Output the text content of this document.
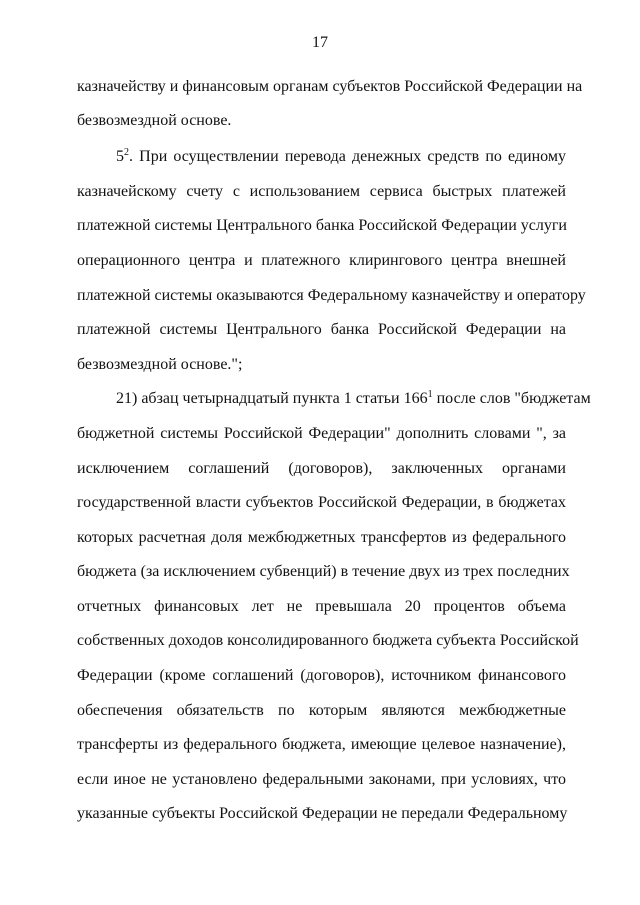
17
казначейству и финансовым органам субъектов Российской Федерации на
безвозмездной основе.
$5^2$. При осуществлении перевода денежных средств по единому
казначейскому счету с использованием сервиса быстрых платежей
платежной системы Центрального банка Российской Федерации услуги
операционного центра и платежного клирингового центра внешней
платежной системы оказываются Федеральному казначейству и оператору
платежной системы Центрального банка Российской Федерации на
безвозмездной основе.";
21) абзац четырнадцатый пункта 1 статьи $166^1$ после слов "бюджетам
бюджетной системы Российской Федерации" дополнить словами ", за
исключением соглашений (договоров), заключенных органами
государственной власти субъектов Российской Федерации, в бюджетах
которых расчетная доля межбюджетных трансфертов из федерального
бюджета (за исключением субвенций) в течение двух из трех последних
отчетных финансовых лет не превышала 20 процентов объема
собственных доходов консолидированного бюджета субъекта Российской
Федерации (кроме соглашений (договоров), источником финансового
обеспечения обязательств по которым являются межбюджетные
трансферты из федерального бюджета, имеющие целевое назначение),
если иное не установлено федеральными законами, при условиях, что
указанные субъекты Российской Федерации не передали Федеральному
